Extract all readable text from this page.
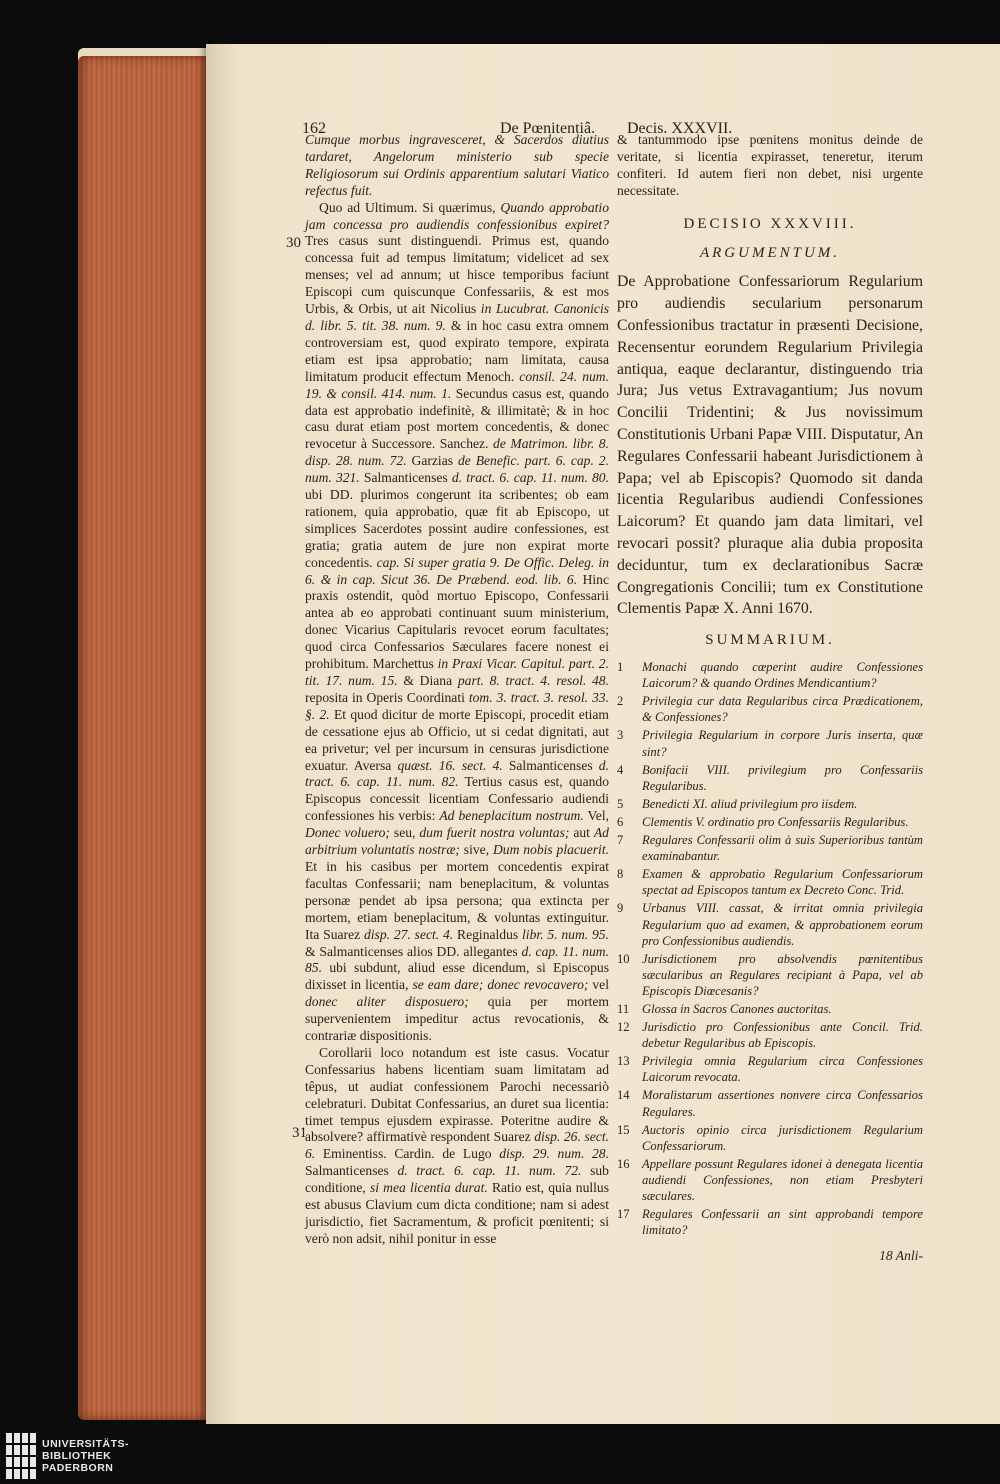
162	De Pœnitentiâ. Decis. XXXVII.
30
31

Cumque morbus ingravesceret, & Sacerdos diutius tardaret, Angelorum ministerio sub specie Religiosorum sui Ordinis apparentium salutari Viatico refectus fuit.

Quo ad Ultimum. Si quærimus, Quando approbatio jam concessa pro audiendis confessionibus expiret? Tres casus sunt distinguendi. Primus est, quando concessa fuit ad tempus limitatum; videlicet ad sex menses; vel ad annum; ut hisce temporibus faciunt Episcopi cum quiscunque Confessariis, & est mos Urbis, & Orbis, ut ait Nicolius in Lucubrat. Canonicis d. libr. 5. tit. 38. num. 9. & in hoc casu extra omnem controversiam est, quod expirato tempore, expirata etiam est ipsa approbatio; nam limitata, causa limitatum producit effectum Menoch. consil. 24. num. 19. & consil. 414. num. 1. Secundus casus est, quando data est approbatio indefinitè, & illimitatè; & in hoc casu durat etiam post mortem concedentis, & donec revocetur à Successore. Sanchez. de Matrimon. libr. 8. disp. 28. num. 72. Garzias de Benefic. part. 6. cap. 2. num. 321. Salmanticenses d. tract. 6. cap. 11. num. 80. ubi DD. plurimos congerunt ita scribentes; ob eam rationem, quia approbatio, quæ fit ab Episcopo, ut simplices Sacerdotes possint audire confessiones, est gratia; gratia autem de jure non expirat morte concedentis. cap. Si super gratia 9. De Offic. Deleg. in 6. & in cap. Sicut 36. De Præbend. eod. lib. 6. Hinc praxis ostendit, quòd mortuo Episcopo, Confessarii antea ab eo approbati continuant suum ministerium, donec Vicarius Capitularis revocet eorum facultates; quod circa Confessarios Sæculares facere nonest ei prohibitum. Marchettus in Praxi Vicar. Capitul. part. 2. tit. 17. num. 15. & Diana part. 8. tract. 4. resol. 48. reposita in Operis Coordinati tom. 3. tract. 3. resol. 33. §. 2. Et quod dicitur de morte Episcopi, procedit etiam de cessatione ejus ab Officio, ut si cedat dignitati, aut ea privetur; vel per incursum in censuras jurisdictione exuatur. Aversa quæst. 16. sect. 4. Salmanticenses d. tract. 6. cap. 11. num. 82. Tertius casus est, quando Episcopus concessit licentiam Confessario audiendi confessiones his verbis: Ad beneplacitum nostrum. Vel, Donec voluero; seu, dum fuerit nostra voluntas; aut Ad arbitrium voluntatis nostræ; sive, Dum nobis placuerit. Et in his casibus per mortem concedentis expirat facultas Confessarii; nam beneplacitum, & voluntas personæ pendet ab ipsa persona; qua extincta per mortem, etiam beneplacitum, & voluntas extinguitur. Ita Suarez disp. 27. sect. 4. Reginaldus libr. 5. num. 95. & Salmanticenses alios DD. allegantes d. cap. 11. num. 85. ubi subdunt, aliud esse dicendum, si Episcopus dixisset in licentia, se eam dare; donec revocavero; vel donec aliter disposuero; quia per mortem supervenientem impeditur actus revocationis, & contrariæ dispositionis.

Corollarii loco notandum est iste casus. Vocatur Confessarius habens licentiam suam limitatam ad têpus, ut audiat confessionem Parochi necessariò celebraturi. Dubitat Confessarius, an duret sua licentia: timet tempus ejusdem expirasse. Poteritne audire & absolvere? affirmativè respondent Suarez disp. 26. sect. 6. Eminentiss. Cardin. de Lugo disp. 29. num. 28. Salmanticenses d. tract. 6. cap. 11. num. 72. sub conditione, si mea licentia durat. Ratio est, quia nullus est abusus Clavium cum dicta conditione; nam si adest jurisdictio, fiet Sacramentum, & proficit pœnitenti; si verò non adsit, nihil ponitur in esse

& tantummodo ipse pœnitens monitus deinde de veritate, si licentia expirasset, teneretur, iterum confiteri. Id autem fieri non debet, nisi urgente necessitate.

DECISIO XXXVIII.
ARGUMENTUM.

De Approbatione Confessariorum Regularium pro audiendis secularium personarum Confessionibus tractatur in præsenti Decisione, Recensentur eorundem Regularium Privilegia antiqua, eaque declarantur, distinguendo tria Jura; Jus vetus Extravagantium; Jus novum Concilii Tridentini; & Jus novissimum Constitutionis Urbani Papæ VIII. Disputatur, An Regulares Confessarii habeant Jurisdictionem à Papa; vel ab Episcopis? Quomodo sit danda licentia Regularibus audiendi Confessiones Laicorum? Et quando jam data limitari, vel revocari possit? pluraque alia dubia proposita deciduntur, tum ex declarationibus Sacræ Congregationis Concilii; tum ex Constitutione Clementis Papæ X. Anni 1670.

SUMMARIUM.
1	Monachi quando cœperint audire Confessiones Laicorum? & quando Ordines Mendicantium?
2	Privilegia cur data Regularibus circa Prædicationem, & Confessiones?
3	Privilegia Regularium in corpore Juris inserta, quæ sint?
4	Bonifacii VIII. privilegium pro Confessariis Regularibus.
5	Benedicti XI. aliud privilegium pro iisdem.
6	Clementis V. ordinatio pro Confessariis Regularibus.
7	Regulares Confessarii olim à suis Superioribus tantùm examinabantur.
8	Examen & approbatio Regularium Confessariorum spectat ad Episcopos tantum ex Decreto Conc. Trid.
9	Urbanus VIII. cassat, & irritat omnia privilegia Regularium quo ad examen, & approbationem eorum pro Confessionibus audiendis.
10 Jurisdictionem pro absolvendis pœnitentibus sæcularibus an Regulares recipiant à Papa, vel ab Episcopis Diœcesanis?
11	Glossa in Sacros Canones auctoritas.
12 Jurisdictio pro Confessionibus ante Concil. Trid. debetur Regularibus ab Episcopis.
13 Privilegia omnia Regularium circa Confessiones Laicorum revocata.
14 Moralistarum assertiones nonvere circa Confessarios Regulares.
15 Auctoris opinio circa jurisdictionem Regularium Confessariorum.
16 Appellare possunt Regulares idonei à denegata licentia audiendi Confessiones, non etiam Presbyteri sæculares.
17 Regulares Confessarii an sint approbandi tempore limitato?
18 Anli-
UNIVERSITÄTS-
BIBLIOTHEK
PADERBORN
